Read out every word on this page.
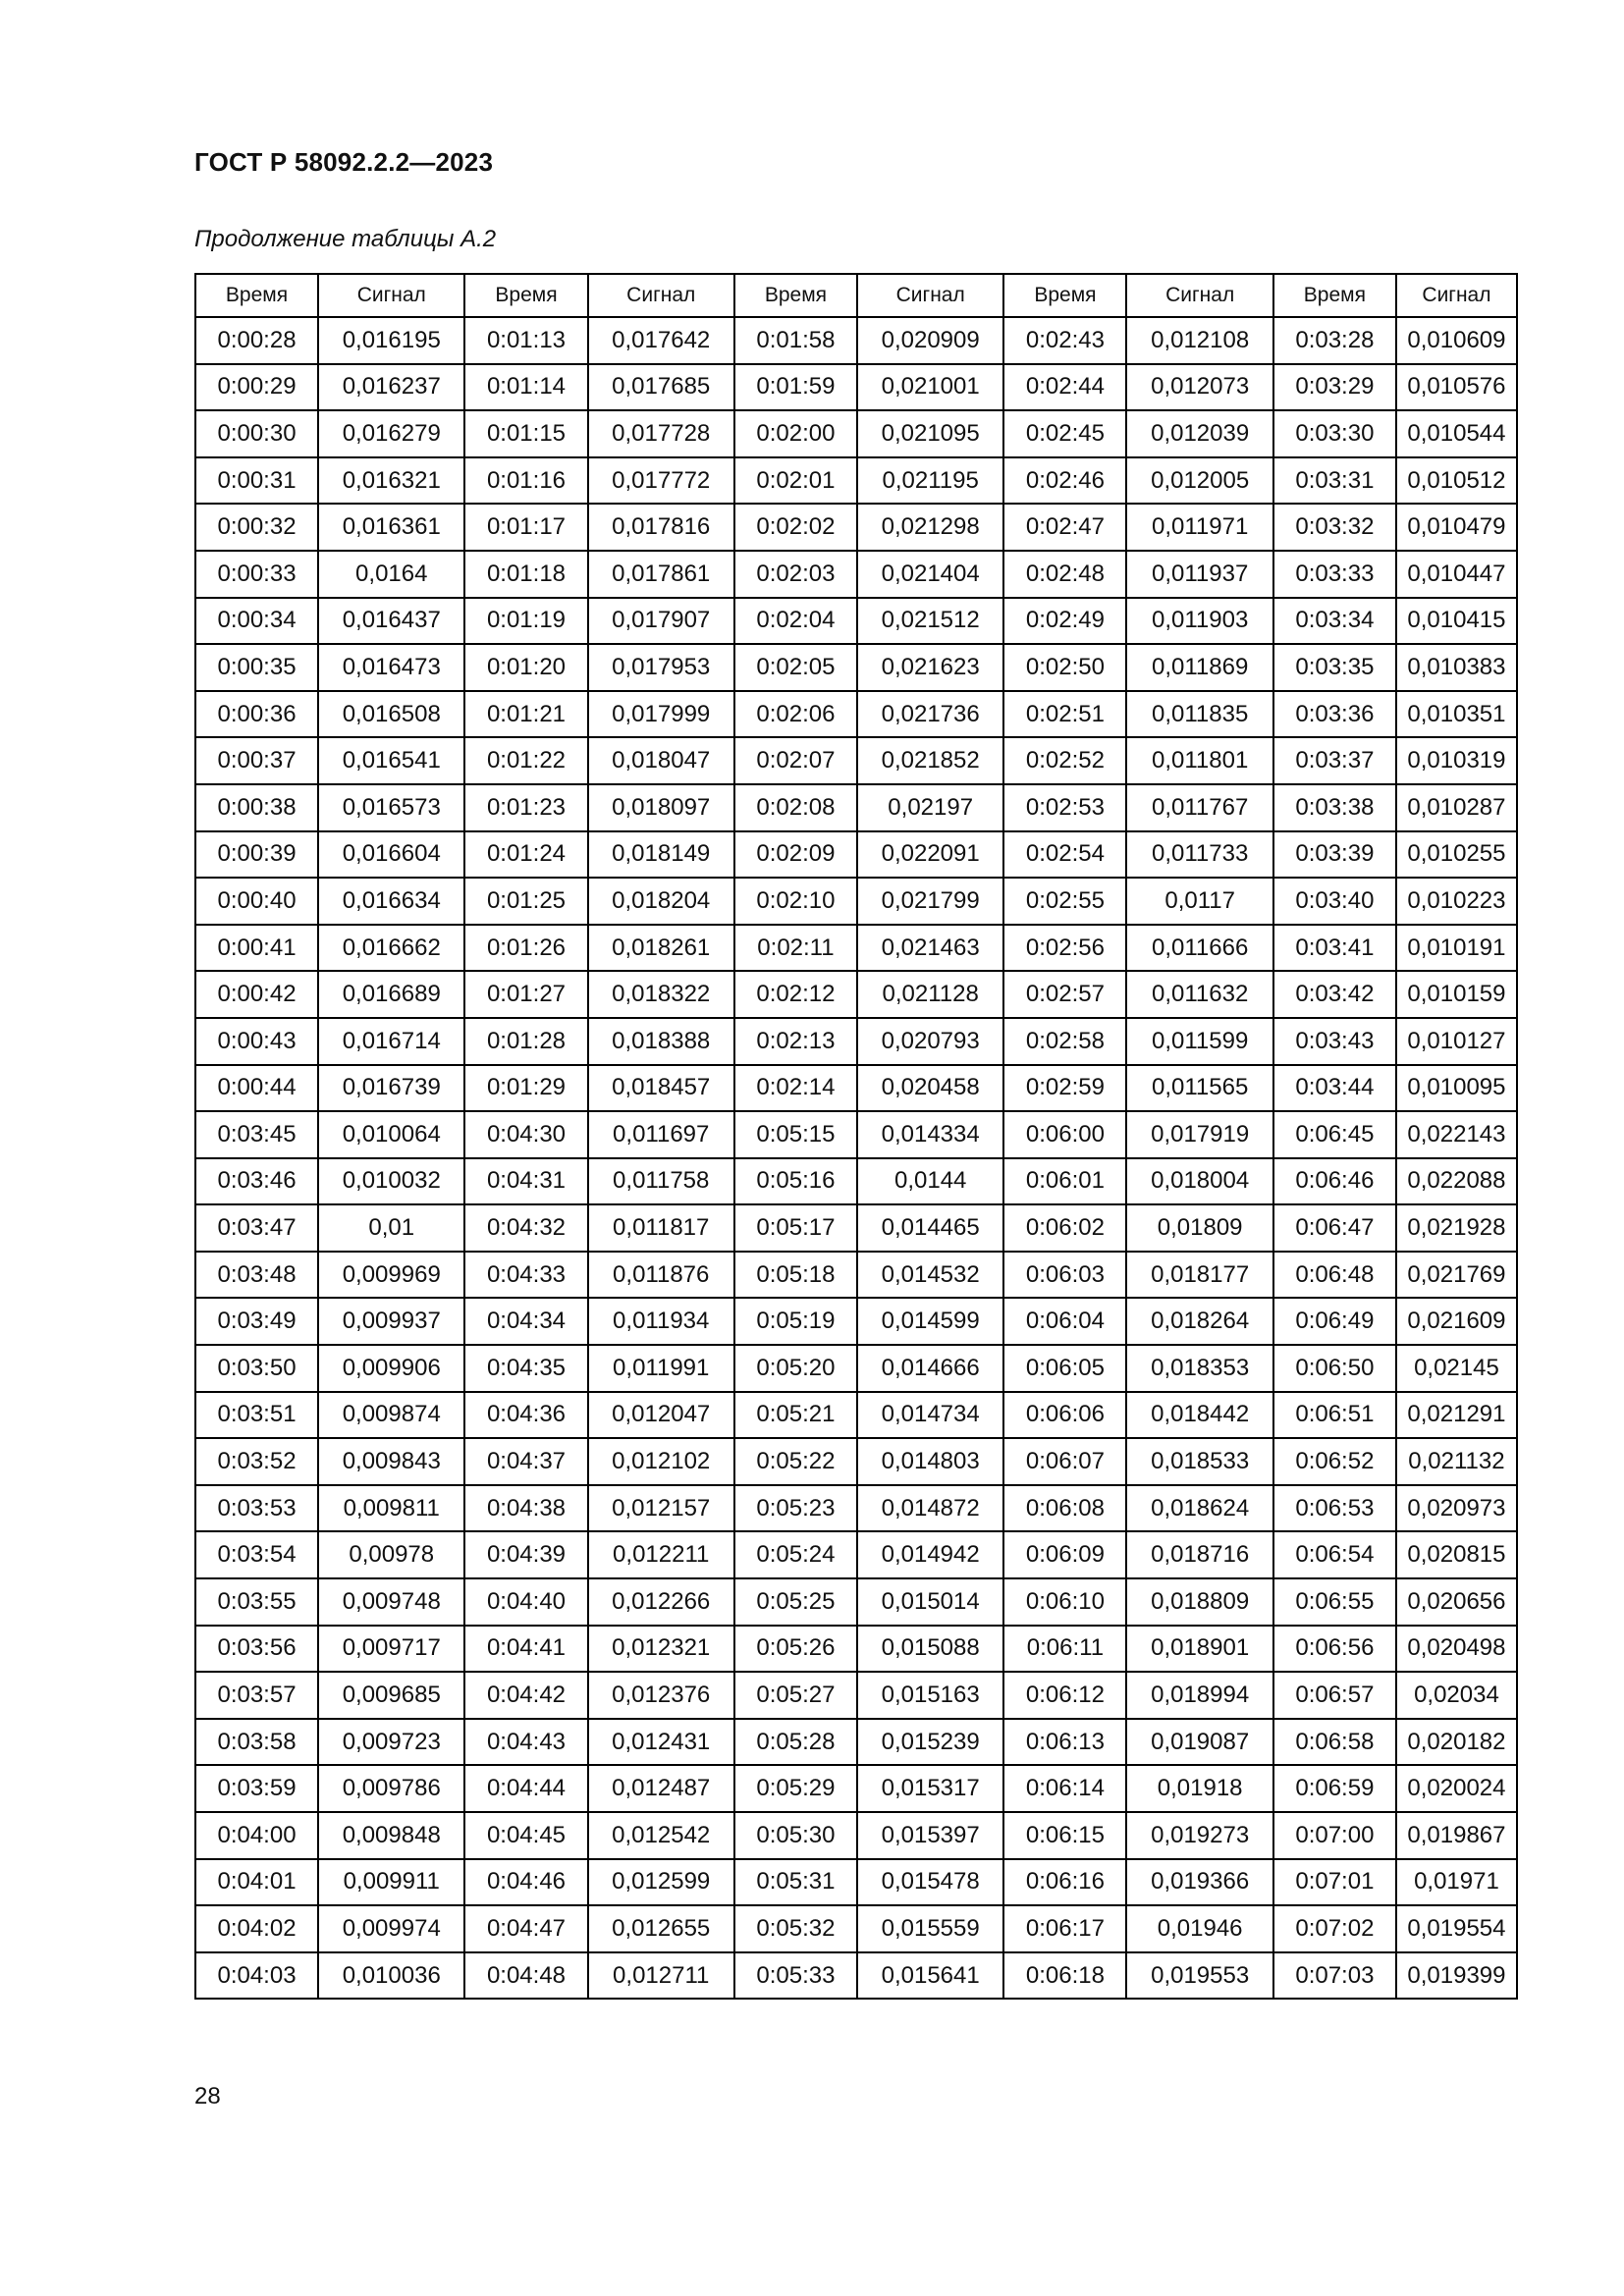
ГОСТ Р 58092.2.2—2023
Продолжение таблицы А.2
Время	Сигнал	Время	Сигнал	Время	Сигнал	Время	Сигнал	Время	Сигнал
0:00:28	0,016195	0:01:13	0,017642	0:01:58	0,020909	0:02:43	0,012108	0:03:28	0,010609
0:00:29	0,016237	0:01:14	0,017685	0:01:59	0,021001	0:02:44	0,012073	0:03:29	0,010576
0:00:30	0,016279	0:01:15	0,017728	0:02:00	0,021095	0:02:45	0,012039	0:03:30	0,010544
0:00:31	0,016321	0:01:16	0,017772	0:02:01	0,021195	0:02:46	0,012005	0:03:31	0,010512
0:00:32	0,016361	0:01:17	0,017816	0:02:02	0,021298	0:02:47	0,011971	0:03:32	0,010479
0:00:33	0,0164	0:01:18	0,017861	0:02:03	0,021404	0:02:48	0,011937	0:03:33	0,010447
0:00:34	0,016437	0:01:19	0,017907	0:02:04	0,021512	0:02:49	0,011903	0:03:34	0,010415
0:00:35	0,016473	0:01:20	0,017953	0:02:05	0,021623	0:02:50	0,011869	0:03:35	0,010383
0:00:36	0,016508	0:01:21	0,017999	0:02:06	0,021736	0:02:51	0,011835	0:03:36	0,010351
0:00:37	0,016541	0:01:22	0,018047	0:02:07	0,021852	0:02:52	0,011801	0:03:37	0,010319
0:00:38	0,016573	0:01:23	0,018097	0:02:08	0,02197	0:02:53	0,011767	0:03:38	0,010287
0:00:39	0,016604	0:01:24	0,018149	0:02:09	0,022091	0:02:54	0,011733	0:03:39	0,010255
0:00:40	0,016634	0:01:25	0,018204	0:02:10	0,021799	0:02:55	0,0117	0:03:40	0,010223
0:00:41	0,016662	0:01:26	0,018261	0:02:11	0,021463	0:02:56	0,011666	0:03:41	0,010191
0:00:42	0,016689	0:01:27	0,018322	0:02:12	0,021128	0:02:57	0,011632	0:03:42	0,010159
0:00:43	0,016714	0:01:28	0,018388	0:02:13	0,020793	0:02:58	0,011599	0:03:43	0,010127
0:00:44	0,016739	0:01:29	0,018457	0:02:14	0,020458	0:02:59	0,011565	0:03:44	0,010095
0:03:45	0,010064	0:04:30	0,011697	0:05:15	0,014334	0:06:00	0,017919	0:06:45	0,022143
0:03:46	0,010032	0:04:31	0,011758	0:05:16	0,0144	0:06:01	0,018004	0:06:46	0,022088
0:03:47	0,01	0:04:32	0,011817	0:05:17	0,014465	0:06:02	0,01809	0:06:47	0,021928
0:03:48	0,009969	0:04:33	0,011876	0:05:18	0,014532	0:06:03	0,018177	0:06:48	0,021769
0:03:49	0,009937	0:04:34	0,011934	0:05:19	0,014599	0:06:04	0,018264	0:06:49	0,021609
0:03:50	0,009906	0:04:35	0,011991	0:05:20	0,014666	0:06:05	0,018353	0:06:50	0,02145
0:03:51	0,009874	0:04:36	0,012047	0:05:21	0,014734	0:06:06	0,018442	0:06:51	0,021291
0:03:52	0,009843	0:04:37	0,012102	0:05:22	0,014803	0:06:07	0,018533	0:06:52	0,021132
0:03:53	0,009811	0:04:38	0,012157	0:05:23	0,014872	0:06:08	0,018624	0:06:53	0,020973
0:03:54	0,00978	0:04:39	0,012211	0:05:24	0,014942	0:06:09	0,018716	0:06:54	0,020815
0:03:55	0,009748	0:04:40	0,012266	0:05:25	0,015014	0:06:10	0,018809	0:06:55	0,020656
0:03:56	0,009717	0:04:41	0,012321	0:05:26	0,015088	0:06:11	0,018901	0:06:56	0,020498
0:03:57	0,009685	0:04:42	0,012376	0:05:27	0,015163	0:06:12	0,018994	0:06:57	0,02034
0:03:58	0,009723	0:04:43	0,012431	0:05:28	0,015239	0:06:13	0,019087	0:06:58	0,020182
0:03:59	0,009786	0:04:44	0,012487	0:05:29	0,015317	0:06:14	0,01918	0:06:59	0,020024
0:04:00	0,009848	0:04:45	0,012542	0:05:30	0,015397	0:06:15	0,019273	0:07:00	0,019867
0:04:01	0,009911	0:04:46	0,012599	0:05:31	0,015478	0:06:16	0,019366	0:07:01	0,01971
0:04:02	0,009974	0:04:47	0,012655	0:05:32	0,015559	0:06:17	0,01946	0:07:02	0,019554
0:04:03	0,010036	0:04:48	0,012711	0:05:33	0,015641	0:06:18	0,019553	0:07:03	0,019399
28
